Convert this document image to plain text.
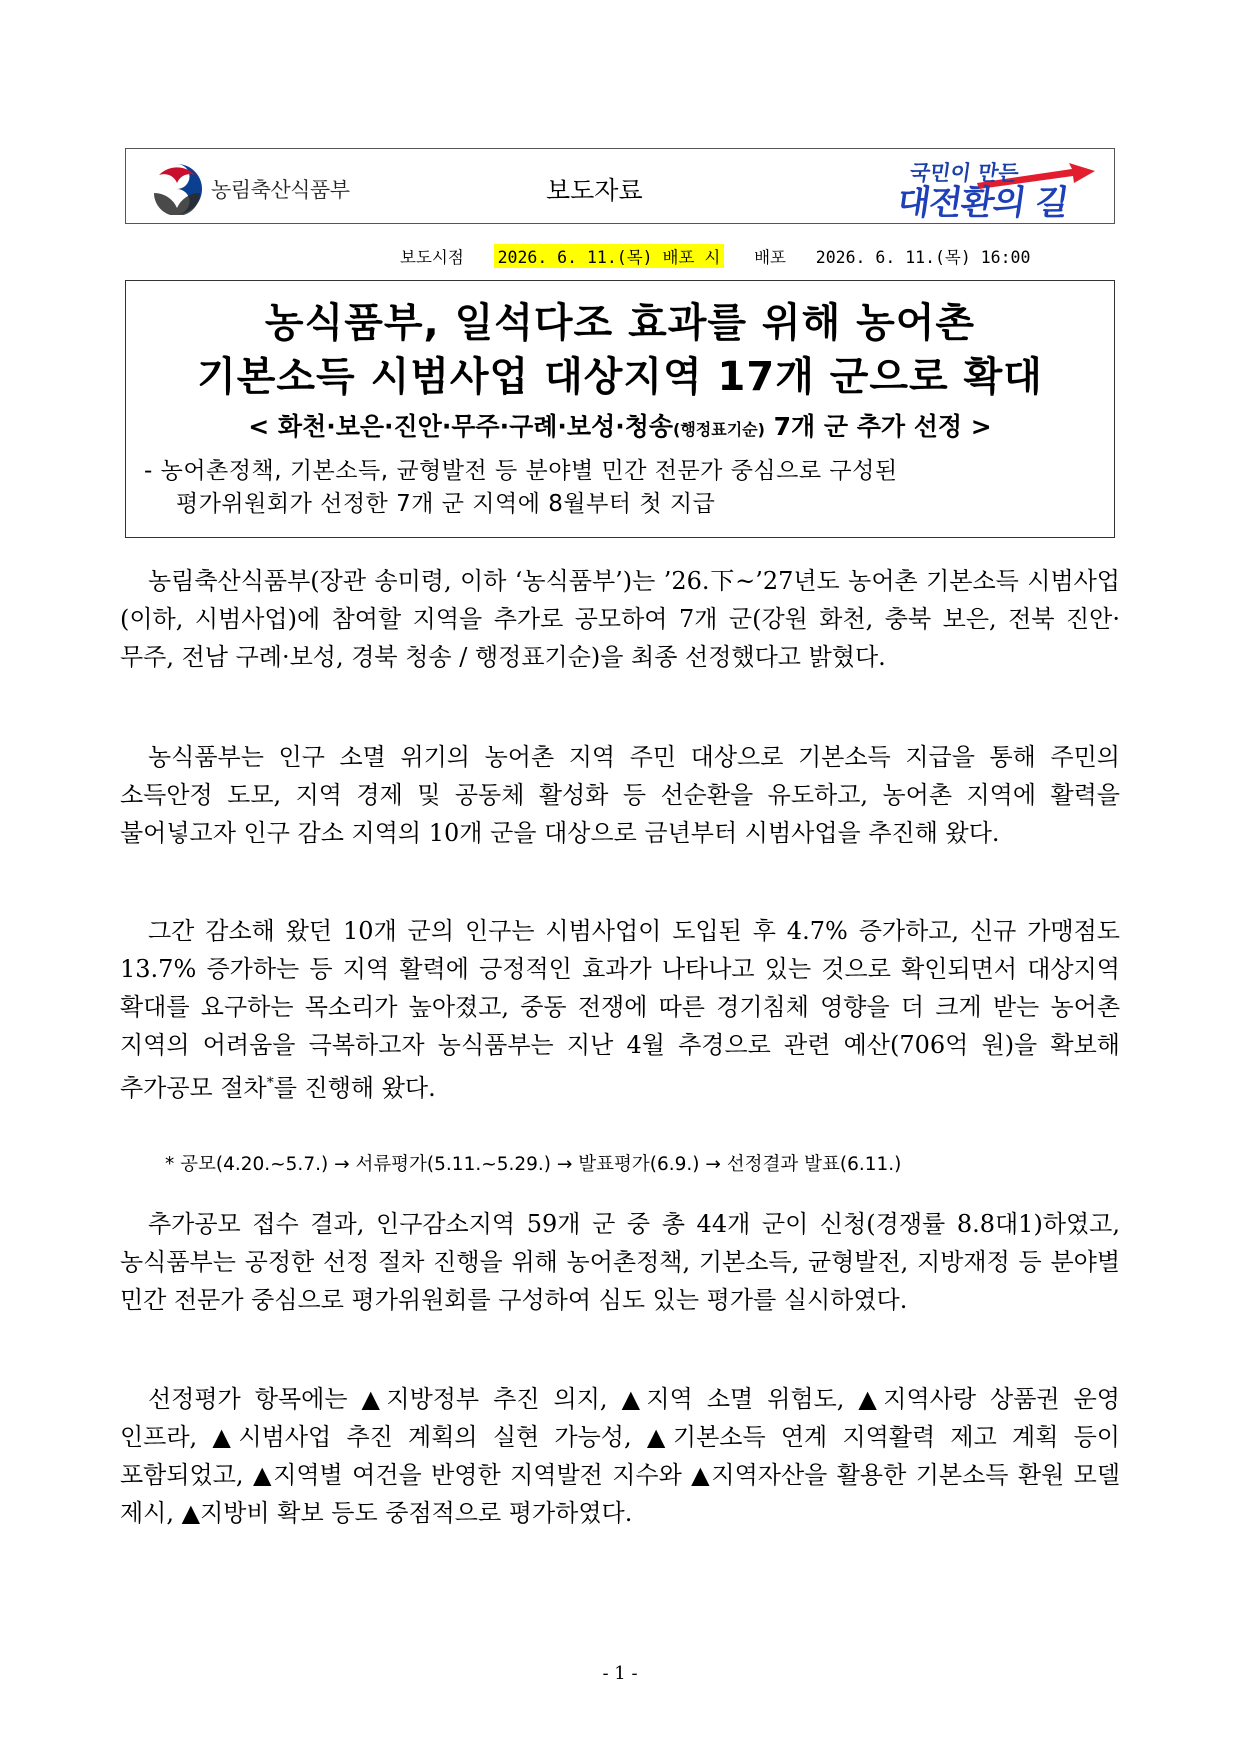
농림축산식품부	보도자료
국민이 만든
대전환의 길
보도시점
2026. 6. 11.(목) 배포 시
배포
2026. 6. 11.(목) 16:00
농식품부, 일석다조 효과를 위해 농어촌
기본소득 시범사업 대상지역 17개 군으로 확대
< 화천·보은·진안·무주·구례·보성·청송(행정표기순) 7개 군 추가 선정 >
- 농어촌정책, 기본소득, 균형발전 등 분야별 민간 전문가 중심으로 구성된
평가위원회가 선정한 7개 군 지역에 8월부터 첫 지급

농림축산식품부(장관 송미령, 이하 ‘농식품부’)는 ’26.下~’27년도 농어촌 기본소득 시범사업(이하, 시범사업)에 참여할 지역을 추가로 공모하여 7개 군(강원 화천, 충북 보은, 전북 진안·무주, 전남 구례·보성, 경북 청송 / 행정표기순)을 최종 선정했다고 밝혔다.

농식품부는 인구 소멸 위기의 농어촌 지역 주민 대상으로 기본소득 지급을 통해 주민의 소득안정 도모, 지역 경제 및 공동체 활성화 등 선순환을 유도하고, 농어촌 지역에 활력을 불어넣고자 인구 감소 지역의 10개 군을 대상으로 금년부터 시범사업을 추진해 왔다.

그간 감소해 왔던 10개 군의 인구는 시범사업이 도입된 후 4.7% 증가하고, 신규 가맹점도 13.7% 증가하는 등 지역 활력에 긍정적인 효과가 나타나고 있는 것으로 확인되면서 대상지역 확대를 요구하는 목소리가 높아졌고, 중동 전쟁에 따른 경기침체 영향을 더 크게 받는 농어촌 지역의 어려움을 극복하고자 농식품부는 지난 4월 추경으로 관련 예산(706억 원)을 확보해 추가공모 절차*를 진행해 왔다.

* 공모(4.20.~5.7.) → 서류평가(5.11.~5.29.) → 발표평가(6.9.) → 선정결과 발표(6.11.)

추가공모 접수 결과, 인구감소지역 59개 군 중 총 44개 군이 신청(경쟁률 8.8대1)하였고, 농식품부는 공정한 선정 절차 진행을 위해 농어촌정책, 기본소득, 균형발전, 지방재정 등 분야별 민간 전문가 중심으로 평가위원회를 구성하여 심도 있는 평가를 실시하였다.

선정평가 항목에는 ▲지방정부 추진 의지, ▲지역 소멸 위험도, ▲지역사랑 상품권 운영 인프라, ▲시범사업 추진 계획의 실현 가능성, ▲기본소득 연계 지역활력 제고 계획 등이 포함되었고, ▲지역별 여건을 반영한 지역발전 지수와 ▲지역자산을 활용한 기본소득 환원 모델 제시, ▲지방비 확보 등도 중점적으로 평가하였다.

- 1 -
